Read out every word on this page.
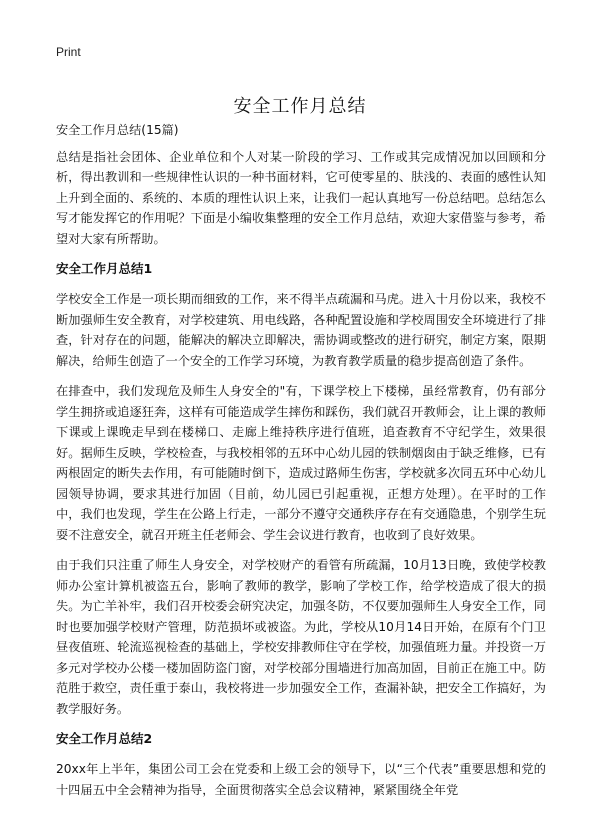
Print
安全工作月总结

安全工作月总结(15篇)

总结是指社会团体、企业单位和个人对某一阶段的学习、工作或其完成情况加以回顾和分析，得出教训和一些规律性认识的一种书面材料，它可使零星的、肤浅的、表面的感性认知上升到全面的、系统的、本质的理性认识上来，让我们一起认真地写一份总结吧。总结怎么写才能发挥它的作用呢？下面是小编收集整理的安全工作月总结，欢迎大家借鉴与参考，希望对大家有所帮助。

安全工作月总结1

学校安全工作是一项长期而细致的工作，来不得半点疏漏和马虎。进入十月份以来，我校不断加强师生安全教育，对学校建筑、用电线路，各种配置设施和学校周围安全环境进行了排查，针对存在的问题，能解决的解决立即解决，需协调或整改的进行研究，制定方案，限期解决，给师生创造了一个安全的工作学习环境，为教育教学质量的稳步提高创造了条件。

在排查中，我们发现危及师生人身安全的"有，下课学校上下楼梯，虽经常教育，仍有部分学生拥挤或追逐狂奔，这样有可能造成学生摔伤和踩伤，我们就召开教师会，让上课的教师下课或上课晚走早到在楼梯口、走廊上维持秩序进行值班，追查教育不守纪学生，效果很好。据师生反映，学校检查，与我校相邻的五环中心幼儿园的铁制烟囱由于缺乏维修，已有两根固定的断失去作用，有可能随时倒下，造成过路师生伤害，学校就多次同五环中心幼儿园领导协调，要求其进行加固（目前，幼儿园已引起重视，正想方处理）。在平时的工作中，我们也发现，学生在公路上行走，一部分不遵守交通秩序存在有交通隐患，个别学生玩耍不注意安全，就召开班主任老师会、学生会议进行教育，也收到了良好效果。

由于我们只注重了师生人身安全，对学校财产的看管有所疏漏，10月13日晚，致使学校教师办公室计算机被盗五台，影响了教师的教学，影响了学校工作，给学校造成了很大的损失。为亡羊补牢，我们召开校委会研究决定，加强冬防，不仅要加强师生人身安全工作，同时也要加强学校财产管理，防范损坏或被盗。为此，学校从10月14日开始，在原有个门卫昼夜值班、轮流巡视检查的基础上，学校安排教师住守在学校，加强值班力量。并投资一万多元对学校办公楼一楼加固防盗门窗，对学校部分围墙进行加高加固，目前正在施工中。防范胜于救空，责任重于泰山，我校将进一步加强安全工作，查漏补缺，把安全工作搞好，为教学服好务。

安全工作月总结2

20xx年上半年，集团公司工会在党委和上级工会的领导下，以“三个代表”重要思想和党的十四届五中全会精神为指导，全面贯彻落实全总会议精神，紧紧围绕全年党
